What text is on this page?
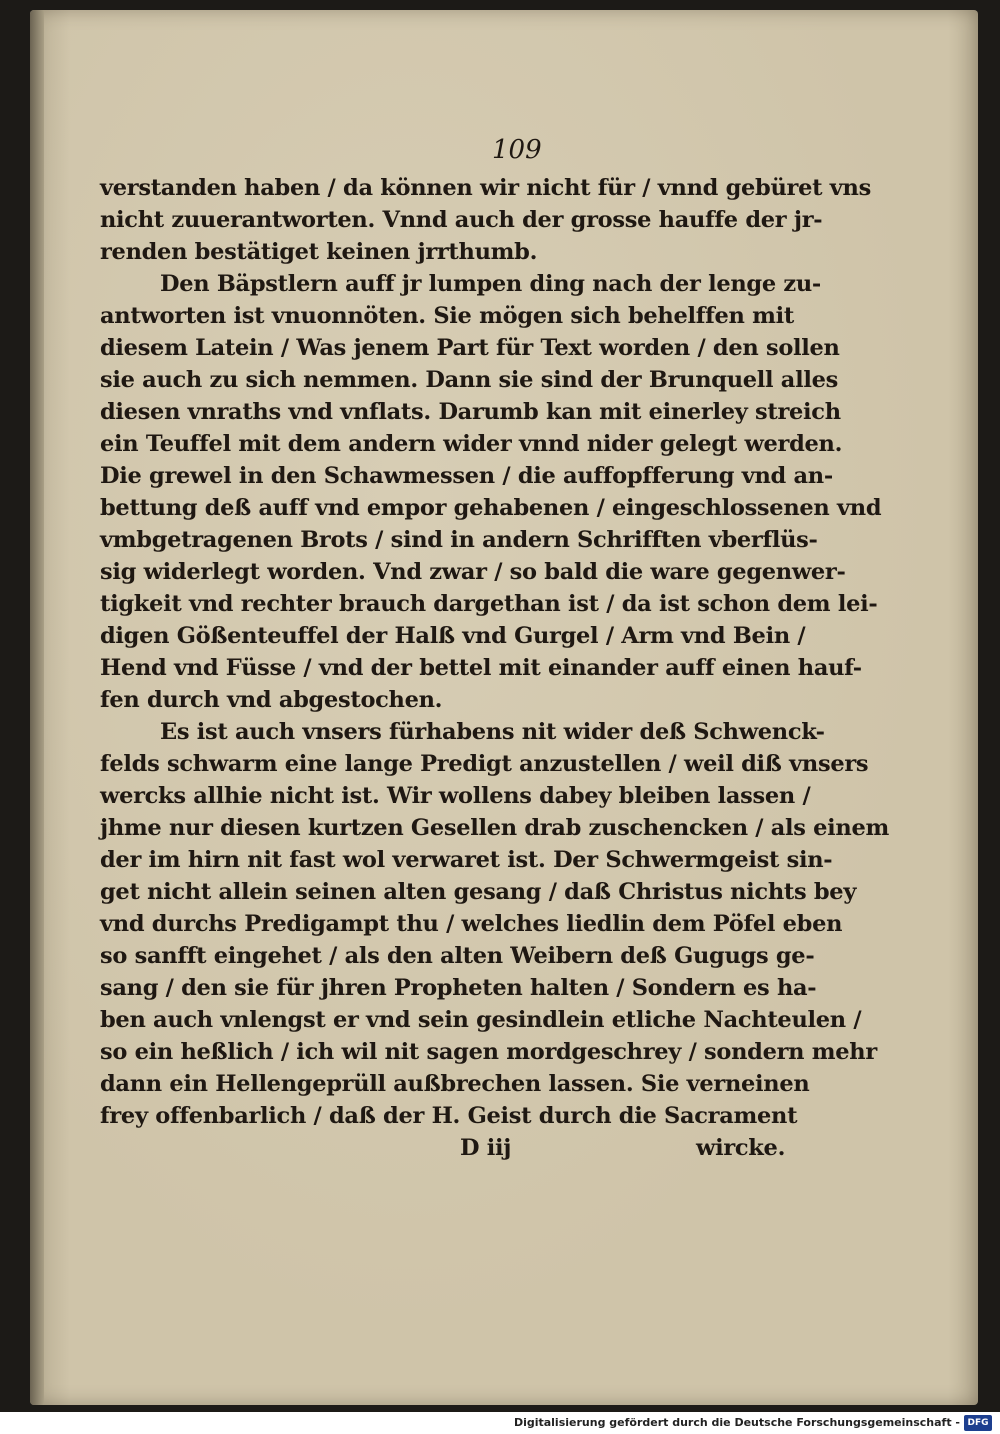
109
verstanden haben / da können wir nicht für / vnnd gebüret vns
nicht zuuerantworten. Vnnd auch der grosse hauffe der jr-
renden bestätiget keinen jrrthumb.
Den Bäpstlern auff jr lumpen ding nach der lenge zu-
antworten ist vnuonnöten. Sie mögen sich behelffen mit
diesem Latein / Was jenem Part für Text worden / den sollen
sie auch zu sich nemmen. Dann sie sind der Brunquell alles
diesen vnraths vnd vnflats. Darumb kan mit einerley streich
ein Teuffel mit dem andern wider vnnd nider gelegt werden.
Die grewel in den Schawmessen / die auffopfferung vnd an-
bettung deß auff vnd empor gehabenen / eingeschlossenen vnd
vmbgetragenen Brots / sind in andern Schrifften vberflüs-
sig widerlegt worden. Vnd zwar / so bald die ware gegenwer-
tigkeit vnd rechter brauch dargethan ist / da ist schon dem lei-
digen Gößenteuffel der Halß vnd Gurgel / Arm vnd Bein /
Hend vnd Füsse / vnd der bettel mit einander auff einen hauf-
fen durch vnd abgestochen.
Es ist auch vnsers fürhabens nit wider deß Schwenck-
felds schwarm eine lange Predigt anzustellen / weil diß vnsers
wercks allhie nicht ist. Wir wollens dabey bleiben lassen /
jhme nur diesen kurtzen Gesellen drab zuschencken / als einem
der im hirn nit fast wol verwaret ist. Der Schwermgeist sin-
get nicht allein seinen alten gesang / daß Christus nichts bey
vnd durchs Predigampt thu / welches liedlin dem Pöfel eben
so sanfft eingehet / als den alten Weibern deß Gugugs ge-
sang / den sie für jhren Propheten halten / Sondern es ha-
ben auch vnlengst er vnd sein gesindlein etliche Nachteulen /
so ein heßlich / ich wil nit sagen mordgeschrey / sondern mehr
dann ein Hellengeprüll außbrechen lassen. Sie verneinen
frey offenbarlich / daß der H. Geist durch die Sacrament
D iij	wircke.
Digitalisierung gefördert durch die Deutsche Forschungsgemeinschaft - DFG
